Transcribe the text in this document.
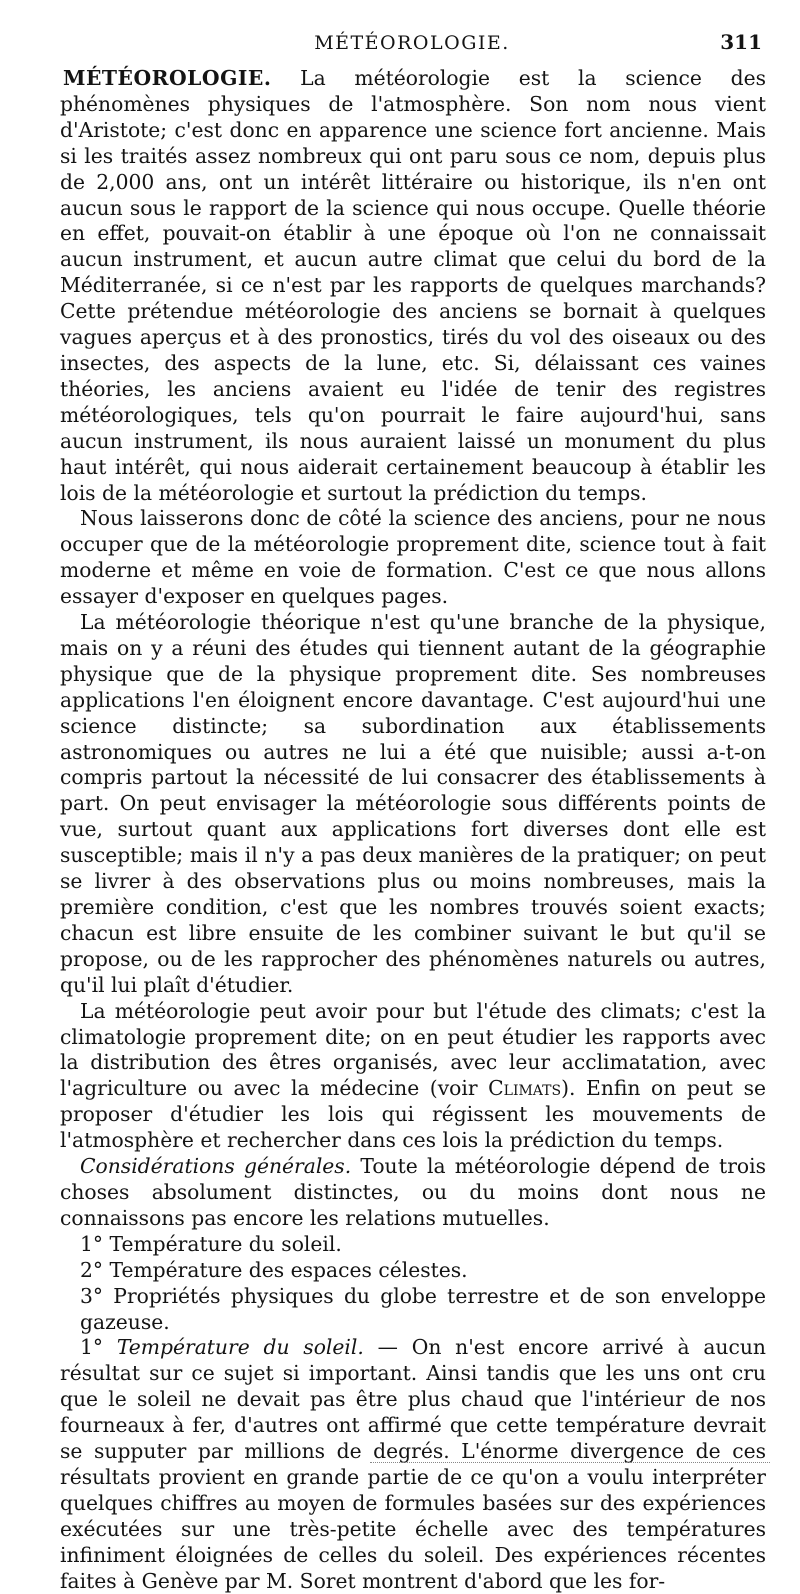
MÉTÉOROLOGIE.	311

MÉTÉOROLOGIE. La météorologie est la science des phénomènes physiques de l'atmosphère. Son nom nous vient d'Aristote; c'est donc en apparence une science fort ancienne. Mais si les traités assez nombreux qui ont paru sous ce nom, depuis plus de 2,000 ans, ont un intérêt littéraire ou historique, ils n'en ont aucun sous le rapport de la science qui nous occupe. Quelle théorie en effet, pouvait-on établir à une époque où l'on ne connaissait aucun instrument, et aucun autre climat que celui du bord de la Méditerranée, si ce n'est par les rapports de quelques marchands? Cette prétendue météorologie des anciens se bornait à quelques vagues aperçus et à des pronostics, tirés du vol des oiseaux ou des insectes, des aspects de la lune, etc. Si, délaissant ces vaines théories, les anciens avaient eu l'idée de tenir des registres météorologiques, tels qu'on pourrait le faire aujourd'hui, sans aucun instrument, ils nous auraient laissé un monument du plus haut intérêt, qui nous aiderait certainement beaucoup à établir les lois de la météorologie et surtout la prédiction du temps.

Nous laisserons donc de côté la science des anciens, pour ne nous occuper que de la météorologie proprement dite, science tout à fait moderne et même en voie de formation. C'est ce que nous allons essayer d'exposer en quelques pages.

La météorologie théorique n'est qu'une branche de la physique, mais on y a réuni des études qui tiennent autant de la géographie physique que de la physique proprement dite. Ses nombreuses applications l'en éloignent encore davantage. C'est aujourd'hui une science distincte; sa subordination aux établissements astronomiques ou autres ne lui a été que nuisible; aussi a-t-on compris partout la nécessité de lui consacrer des établissements à part. On peut envisager la météorologie sous différents points de vue, surtout quant aux applications fort diverses dont elle est susceptible; mais il n'y a pas deux manières de la pratiquer; on peut se livrer à des observations plus ou moins nombreuses, mais la première condition, c'est que les nombres trouvés soient exacts; chacun est libre ensuite de les combiner suivant le but qu'il se propose, ou de les rapprocher des phénomènes naturels ou autres, qu'il lui plaît d'étudier.

La météorologie peut avoir pour but l'étude des climats; c'est la climatologie proprement dite; on en peut étudier les rapports avec la distribution des êtres organisés, avec leur acclimatation, avec l'agriculture ou avec la médecine (voir Climats). Enfin on peut se proposer d'étudier les lois qui régissent les mouvements de l'atmosphère et rechercher dans ces lois la prédiction du temps.

Considérations générales. Toute la météorologie dépend de trois choses absolument distinctes, ou du moins dont nous ne connaissons pas encore les relations mutuelles.

1° Température du soleil.

2° Température des espaces célestes.

3° Propriétés physiques du globe terrestre et de son enveloppe gazeuse.

1° Température du soleil. — On n'est encore arrivé à aucun résultat sur ce sujet si important. Ainsi tandis que les uns ont cru que le soleil ne devait pas être plus chaud que l'intérieur de nos fourneaux à fer, d'autres ont affirmé que cette température devrait se supputer par millions de degrés. L'énorme divergence de ces résultats provient en grande partie de ce qu'on a voulu interpréter quelques chiffres au moyen de formules basées sur des expériences exécutées sur une très-petite échelle avec des températures infiniment éloignées de celles du soleil. Des expériences récentes faites à Genève par M. Soret montrent d'abord que les for-
